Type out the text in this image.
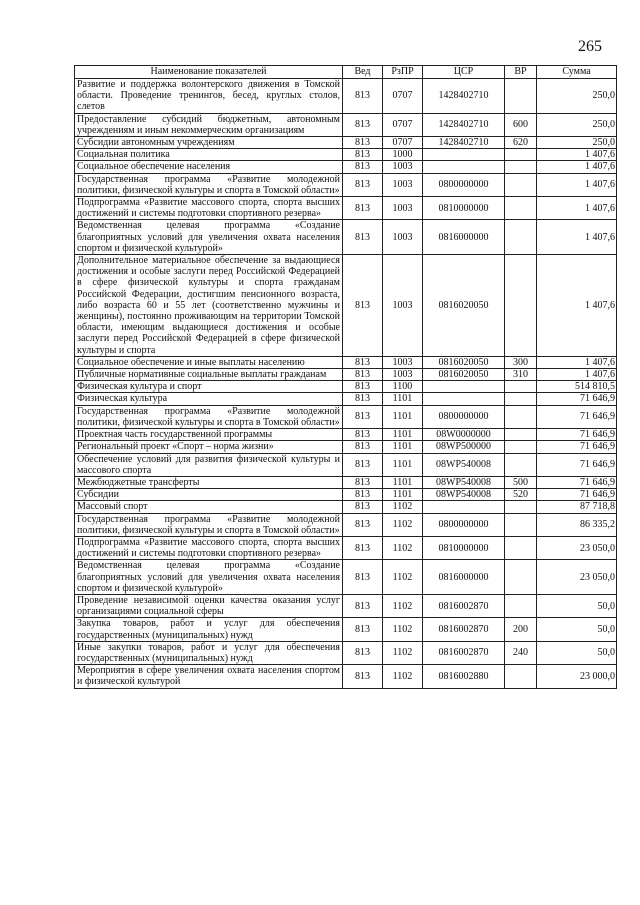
265
Наименование показателей	Вед	РзПР	ЦСР	ВР	Сумма
Развитие и поддержка волонтерского движения в Томской области. Проведение тренингов, бесед, круглых столов, слетов	813	0707	1428402710		250,0
Предоставление субсидий бюджетным, автономным учреждениям и иным некоммерческим организациям	813	0707	1428402710	600	250,0
Субсидии автономным учреждениям	813	0707	1428402710	620	250,0
Социальная политика	813	1000			1 407,6
Социальное обеспечение населения	813	1003			1 407,6
Государственная программа «Развитие молодежной политики, физической культуры и спорта в Томской области»	813	1003	0800000000		1 407,6
Подпрограмма «Развитие массового спорта, спорта высших достижений и системы подготовки спортивного резерва»	813	1003	0810000000		1 407,6
Ведомственная целевая программа «Создание благоприятных условий для увеличения охвата населения спортом и физической культурой»	813	1003	0816000000		1 407,6
Дополнительное материальное обеспечение за выдающиеся достижения и особые заслуги перед Российской Федерацией в сфере физической культуры и спорта гражданам Российской Федерации, достигшим пенсионного возраста, либо возраста 60 и 55 лет (соответственно мужчины и женщины), постоянно проживающим на территории Томской области, имеющим выдающиеся достижения и особые заслуги перед Российской Федерацией в сфере физической культуры и спорта	813	1003	0816020050		1 407,6
Социальное обеспечение и иные выплаты населению	813	1003	0816020050	300	1 407,6
Публичные нормативные социальные выплаты гражданам	813	1003	0816020050	310	1 407,6
Физическая культура и спорт	813	1100			514 810,5
Физическая культура	813	1101			71 646,9
Государственная программа «Развитие молодежной политики, физической культуры и спорта в Томской области»	813	1101	0800000000		71 646,9
Проектная часть государственной программы	813	1101	08W0000000		71 646,9
Региональный проект «Спорт – норма жизни»	813	1101	08WP500000		71 646,9
Обеспечение условий для развития физической культуры и массового спорта	813	1101	08WP540008		71 646,9
Межбюджетные трансферты	813	1101	08WP540008	500	71 646,9
Субсидии	813	1101	08WP540008	520	71 646,9
Массовый спорт	813	1102			87 718,8
Государственная программа «Развитие молодежной политики, физической культуры и спорта в Томской области»	813	1102	0800000000		86 335,2
Подпрограмма «Развитие массового спорта, спорта высших достижений и системы подготовки спортивного резерва»	813	1102	0810000000		23 050,0
Ведомственная целевая программа «Создание благоприятных условий для увеличения охвата населения спортом и физической культурой»	813	1102	0816000000		23 050,0
Проведение независимой оценки качества оказания услуг организациями социальной сферы	813	1102	0816002870		50,0
Закупка товаров, работ и услуг для обеспечения государственных (муниципальных) нужд	813	1102	0816002870	200	50,0
Иные закупки товаров, работ и услуг для обеспечения государственных (муниципальных) нужд	813	1102	0816002870	240	50,0
Мероприятия в сфере увеличения охвата населения спортом и физической культурой	813	1102	0816002880		23 000,0
